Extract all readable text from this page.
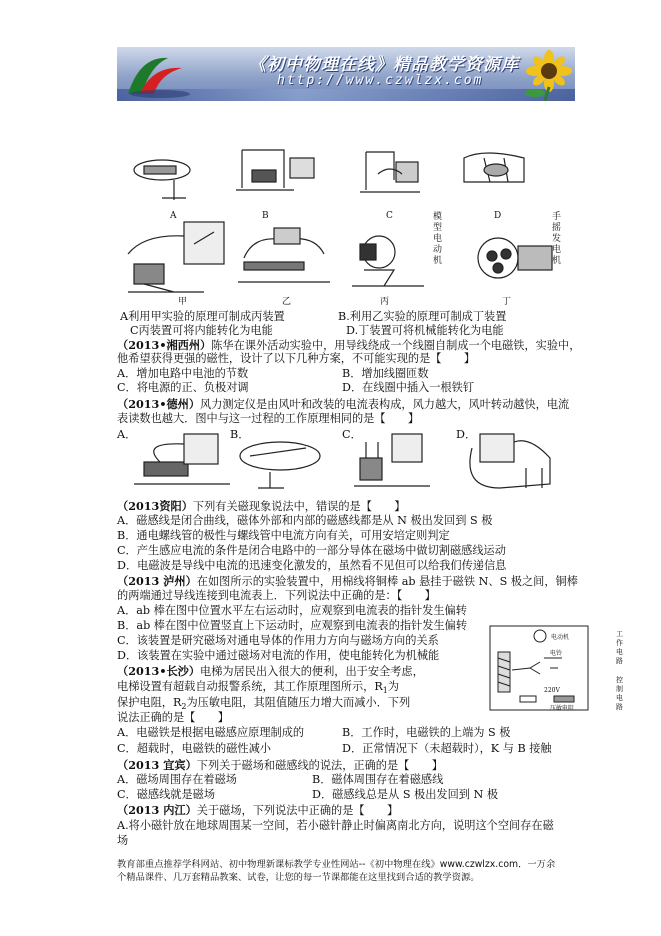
《初中物理在线》精品教学资源库
http://www.czwlzx.com
A	B	C	D
甲	乙	丙	丁
模型电动机
手摇发电机
A利用甲实验的原理可制成丙装置	B.利用乙实验的原理可制成丁装置
C丙装置可将内能转化为电能	D.丁装置可将机械能转化为电能
（2013•湘西州）陈华在课外活动实验中，用导线绕成一个线圈自制成一个电磁铁，实验中，
他希望获得更强的磁性，设计了以下几种方案，不可能实现的是【　　】
A．增加电路中电池的节数	B．增加线圈匝数
C．将电源的正、负极对调	D．在线圈中插入一根铁钉
（2013•德州）风力测定仪是由风叶和改装的电流表构成，风力越大，风叶转动越快，电流
表读数也越大．图中与这一过程的工作原理相同的是【　　】
A．	B．	C．	D．
（2013资阳）下列有关磁现象说法中，错误的是【　　】
A．磁感线是闭合曲线，磁体外部和内部的磁感线都是从 N 极出发回到 S 极
B．通电螺线管的极性与螺线管中电流方向有关，可用安培定则判定
C．产生感应电流的条件是闭合电路中的一部分导体在磁场中做切割磁感线运动
D．电磁波是导线中电流的迅速变化激发的，虽然看不见但可以给我们传递信息
（2013 泸州）在如图所示的实验装置中，用棉线将铜棒 ab 悬挂于磁铁 N、S 极之间，铜棒
的两端通过导线连接到电流表上．下列说法中正确的是：【　　】
A．ab 棒在图中位置水平左右运动时，应观察到电流表的指针发生偏转
B．ab 棒在图中位置竖直上下运动时，应观察到电流表的指针发生偏转
C．该装置是研究磁场对通电导体的作用力方向与磁场方向的关系
D．该装置在实验中通过磁场对电流的作用，使电能转化为机械能
电动机
电铃
220V
压敏电阻
工作电路
控制电路
（2013•长沙）电梯为居民出入很大的便利，出于安全考虑，
电梯设置有超载自动报警系统，其工作原理图所示，$R_1$为
保护电阻，$R_2$为压敏电阻，其阻值随压力增大而减小．下列
说法正确的是【　　】
A．电磁铁是根据电磁感应原理制成的	B．工作时，电磁铁的上端为 S 极
C．超载时，电磁铁的磁性减小	D．正常情况下（未超载时），K 与 B 接触
（2013 宜宾）下列关于磁场和磁感线的说法，正确的是【　　】
A．磁场周围存在着磁场	B．磁体周围存在着磁感线
C．磁感线就是磁场	D．磁感线总是从 S 极出发回到 N 极
（2013 内江）关于磁场，下列说法中正确的是【　　】
A.将小磁针放在地球周围某一空间，若小磁针静止时偏离南北方向，说明这个空间存在磁
场
教育部重点推荐学科网站、初中物理新课标教学专业性网站--《初中物理在线》www.czwlzx.com．一万余
个精品课件、几万套精品教案、试卷，让您的每一节课都能在这里找到合适的教学资源。
